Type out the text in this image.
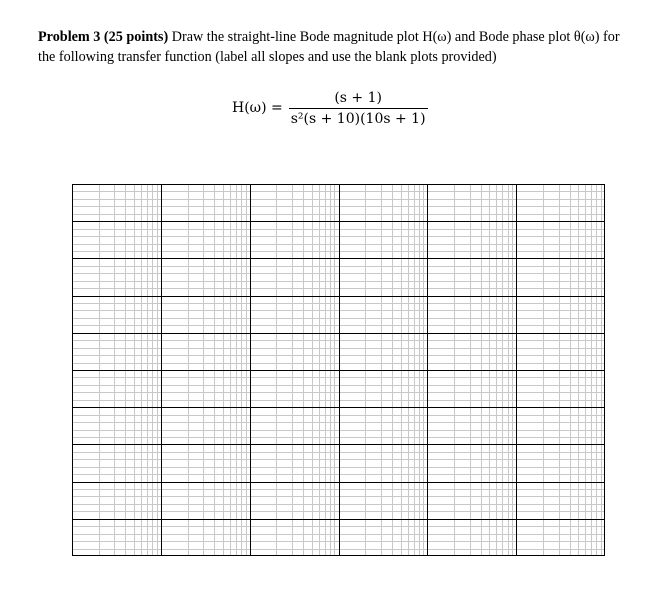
Problem 3 (25 points) Draw the straight-line Bode magnitude plot H(ω) and Bode phase plot θ(ω) for the following transfer function (label all slopes and use the blank plots provided)
$H(\omega) = \frac{(s + 1)}{\text{s²(s + 10)(10s + 1)}}$
